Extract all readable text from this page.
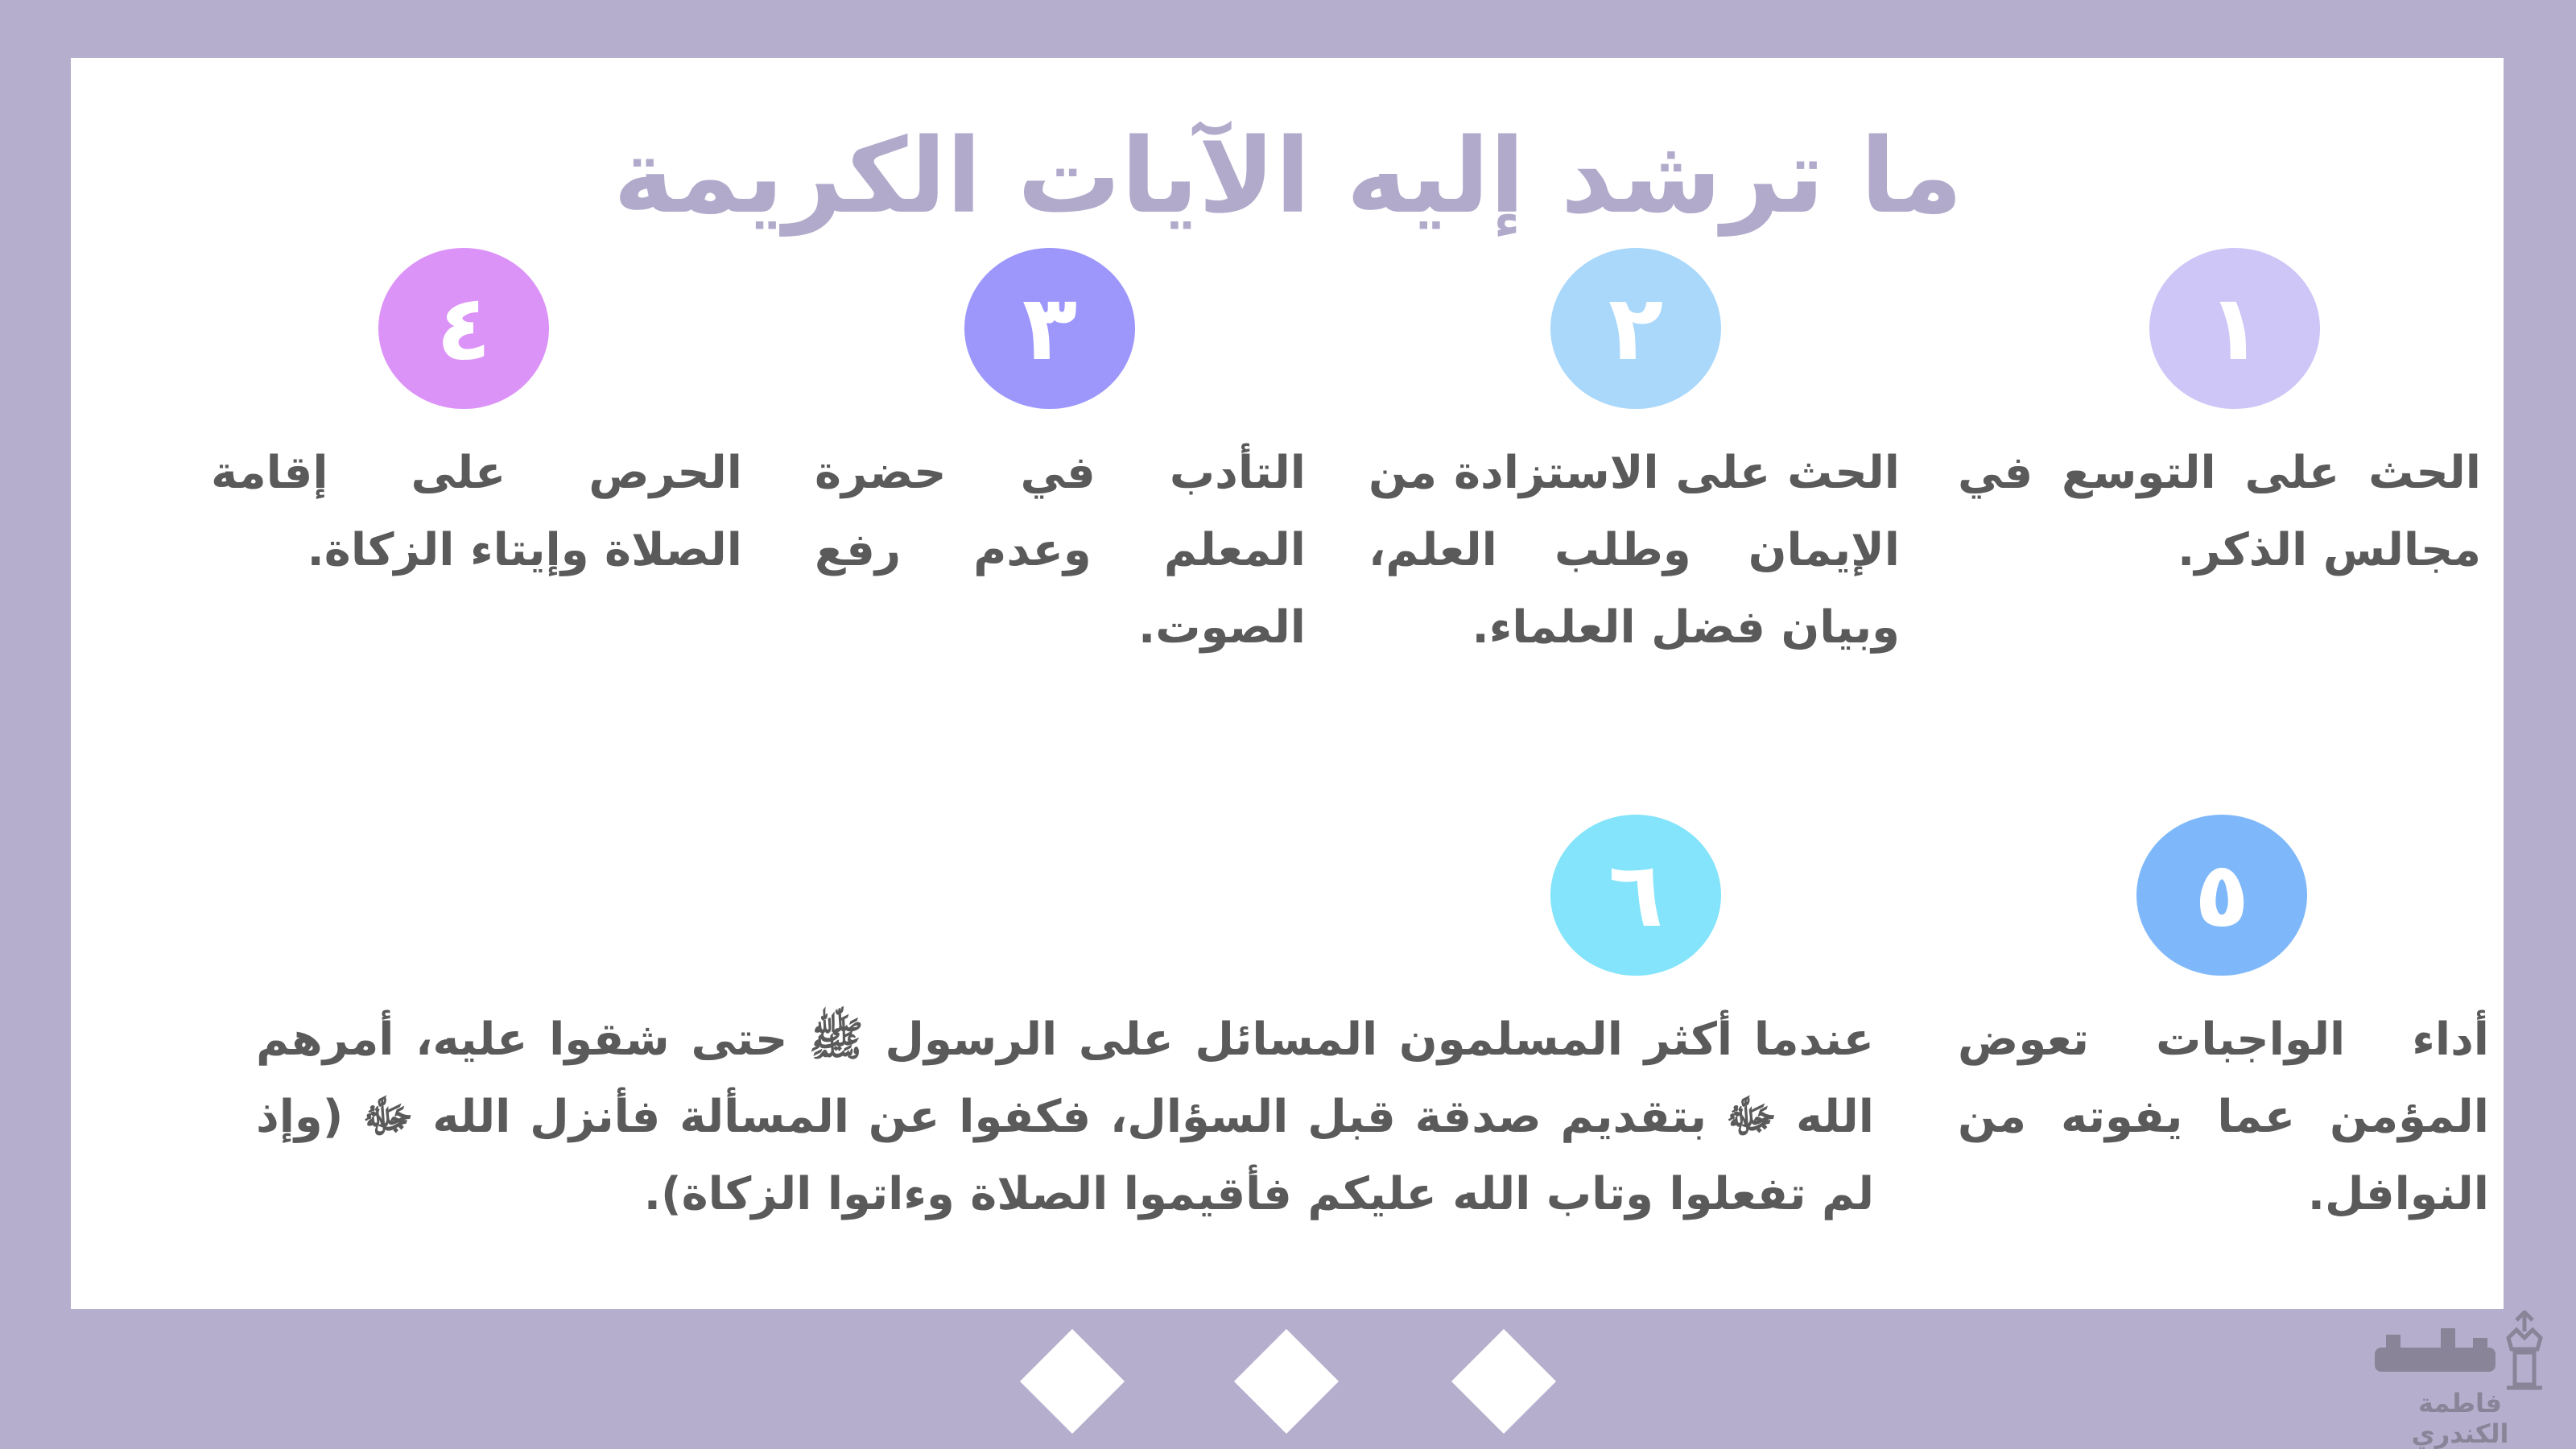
ما ترشد إليه الآيات الكريمة
١
٢
٣
٤
٥
٦

الحث على التوسع في مجالس الذكر.

الحث على الاستزادة من الإيمان وطلب العلم، وبيان فضل العلماء.

التأدب في حضرة المعلم وعدم رفع الصوت.

الحرص على إقامة الصلاة وإيتاء الزكاة.

أداء الواجبات تعوض المؤمن عما يفوته من النوافل.

عندما أكثر المسلمون المسائل على الرسول ﷺ حتى شقوا عليه، أمرهم الله ﷻ بتقديم صدقة قبل السؤال، فكفوا عن المسألة فأنزل الله ﷻ (وإذ لم تفعلوا وتاب الله عليكم فأقيموا الصلاة وءاتوا الزكاة).

فاطمة الكندري
